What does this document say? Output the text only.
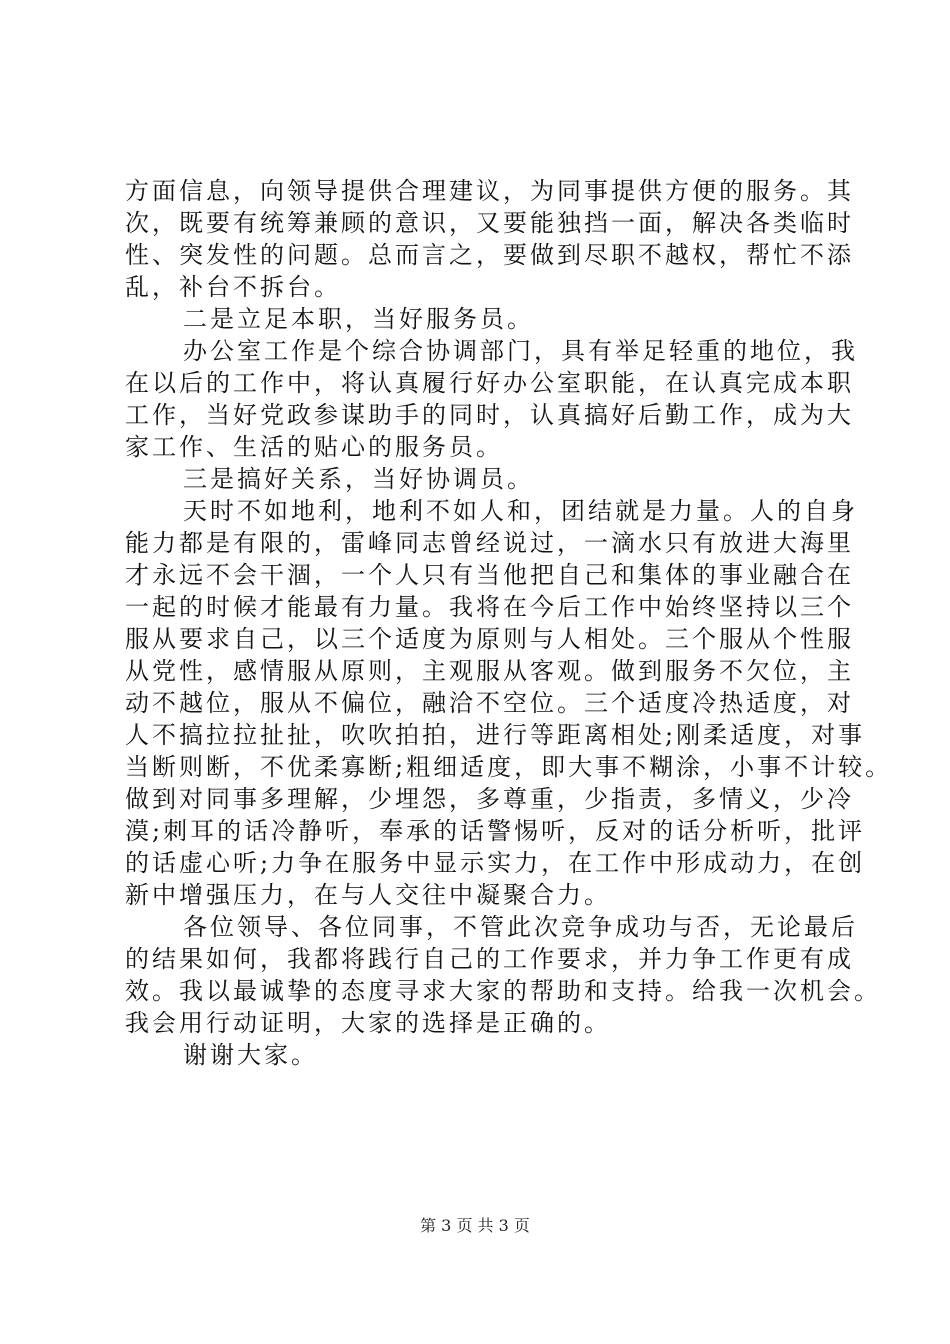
方面信息，向领导提供合理建议，为同事提供方便的服务。其
次，既要有统筹兼顾的意识，又要能独挡一面，解决各类临时
性、突发性的问题。总而言之，要做到尽职不越权，帮忙不添
乱，补台不拆台。
二是立足本职，当好服务员。
办公室工作是个综合协调部门，具有举足轻重的地位，我
在以后的工作中，将认真履行好办公室职能，在认真完成本职
工作，当好党政参谋助手的同时，认真搞好后勤工作，成为大
家工作、生活的贴心的服务员。
三是搞好关系，当好协调员。
天时不如地利，地利不如人和，团结就是力量。人的自身
能力都是有限的，雷峰同志曾经说过，一滴水只有放进大海里
才永远不会干涸，一个人只有当他把自己和集体的事业融合在
一起的时候才能最有力量。我将在今后工作中始终坚持以三个
服从要求自己，以三个适度为原则与人相处。三个服从个性服
从党性，感情服从原则，主观服从客观。做到服务不欠位，主
动不越位，服从不偏位，融洽不空位。三个适度冷热适度，对
人不搞拉拉扯扯，吹吹拍拍，进行等距离相处;刚柔适度，对事
当断则断，不优柔寡断;粗细适度，即大事不糊涂，小事不计较。
做到对同事多理解，少埋怨，多尊重，少指责，多情义，少冷
漠;刺耳的话冷静听，奉承的话警惕听，反对的话分析听，批评
的话虚心听;力争在服务中显示实力，在工作中形成动力，在创
新中增强压力，在与人交往中凝聚合力。
各位领导、各位同事，不管此次竞争成功与否，无论最后
的结果如何，我都将践行自己的工作要求，并力争工作更有成
效。我以最诚挚的态度寻求大家的帮助和支持。给我一次机会。
我会用行动证明，大家的选择是正确的。
谢谢大家。
第 3 页 共 3 页
